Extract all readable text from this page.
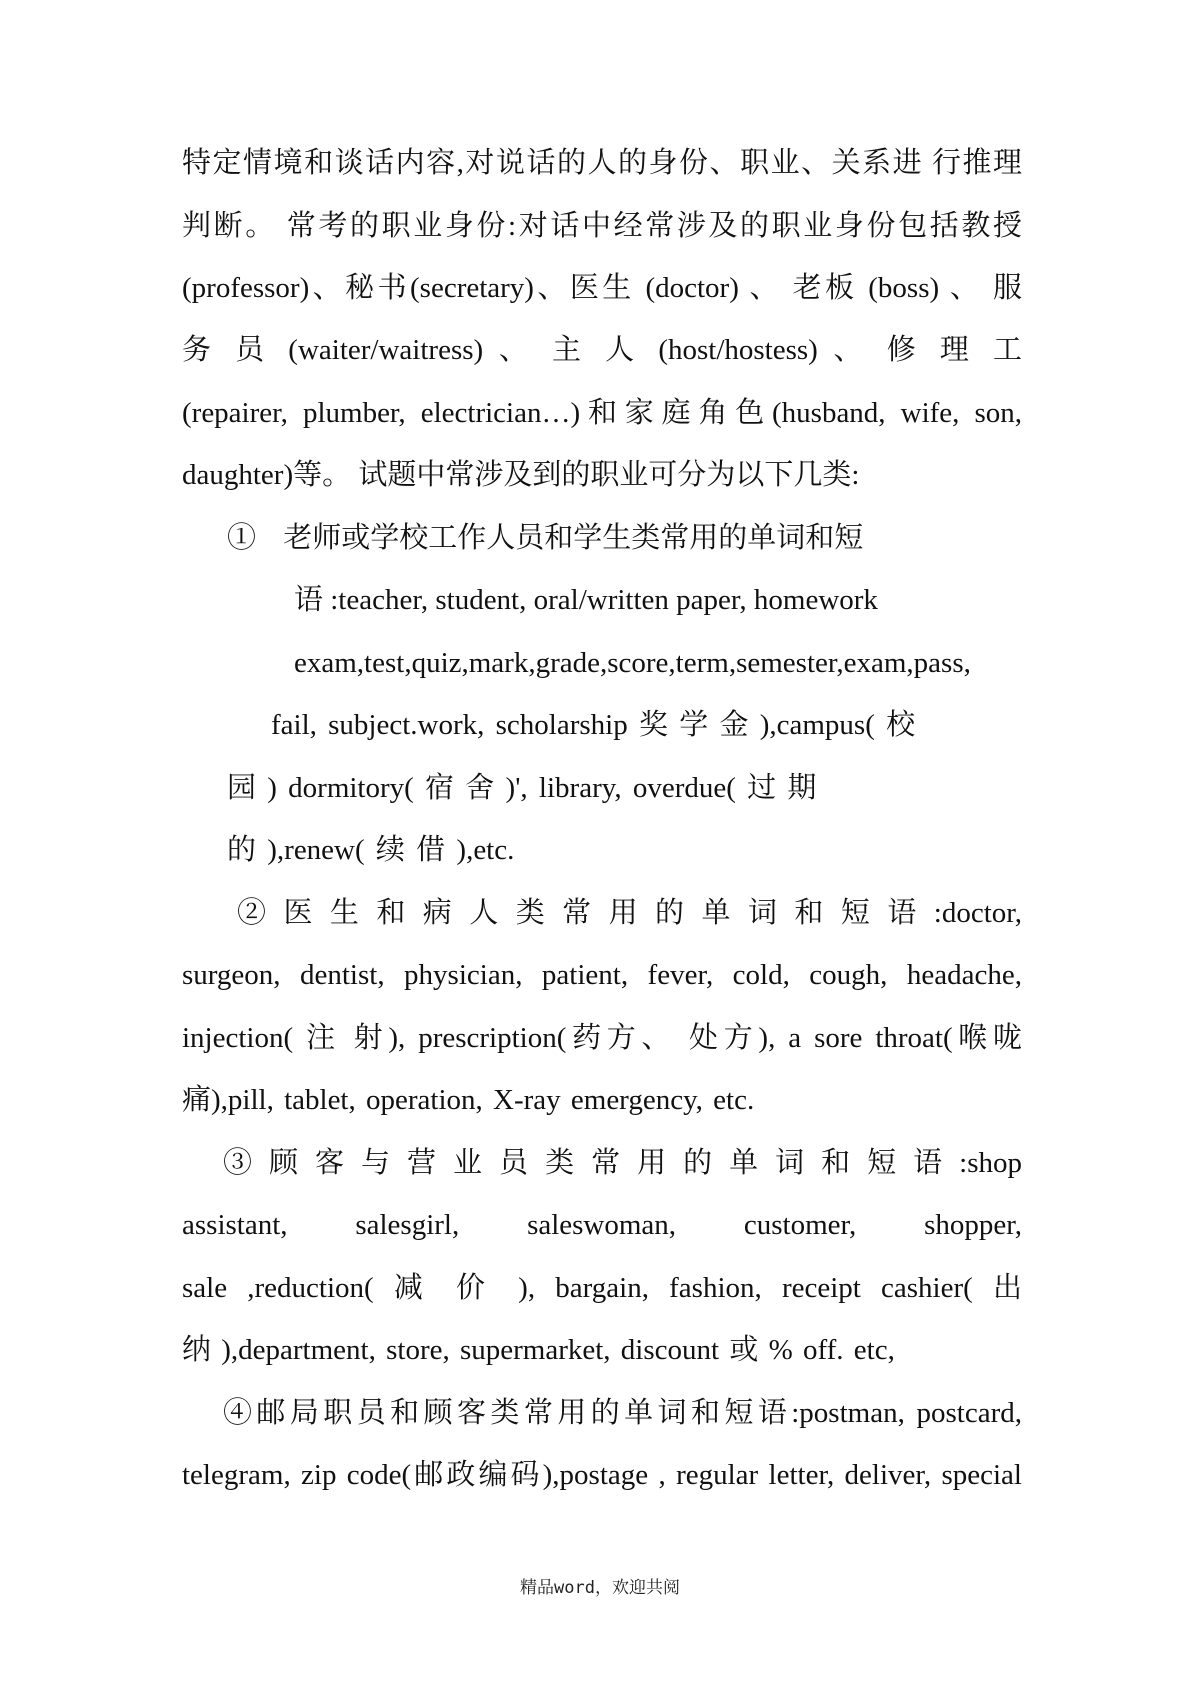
特定情境和谈话内容,对说话的人的身份、职业、关系进 行推理

判断。 常考的职业身份:对话中经常涉及的职业身份包括教授

(professor)、秘书(secretary)、医生 (doctor) 、 老板 (boss) 、 服

务 员 (waiter/waitress) 、 主 人 (host/hostess) 、 修 理 工

(repairer, plumber, electrician…)和家庭角色(husband, wife, son,

daughter)等。 试题中常涉及到的职业可分为以下几类:

① 老师或学校工作人员和学生类常用的单词和短

语 :teacher, student, oral/written paper, homework

exam,test,quiz,mark,grade,score,term,semester,exam,pass,

fail, subject.work, scholarship 奖 学 金 ),campus( 校

园 ) dormitory( 宿 舍 )', library, overdue( 过 期

的 ),renew( 续 借 ),etc.

② 医 生 和 病 人 类 常 用 的 单 词 和 短 语 :doctor,

surgeon, dentist, physician, patient, fever, cold, cough, headache,

injection( 注 射), prescription(药方、 处方), a sore throat(喉咙

痛),pill, tablet, operation, X-ray emergency, etc.

③ 顾 客 与 营 业 员 类 常 用 的 单 词 和 短 语 :shop

assistant, salesgirl, saleswoman, customer, shopper,

sale ,reduction( 减 价 ), bargain, fashion, receipt cashier( 出

纳 ),department, store, supermarket, discount 或 % off. etc,

④邮局职员和顾客类常用的单词和短语:postman, postcard,

telegram, zip code(邮政编码),postage , regular letter, deliver, special

精品word，欢迎共阅
